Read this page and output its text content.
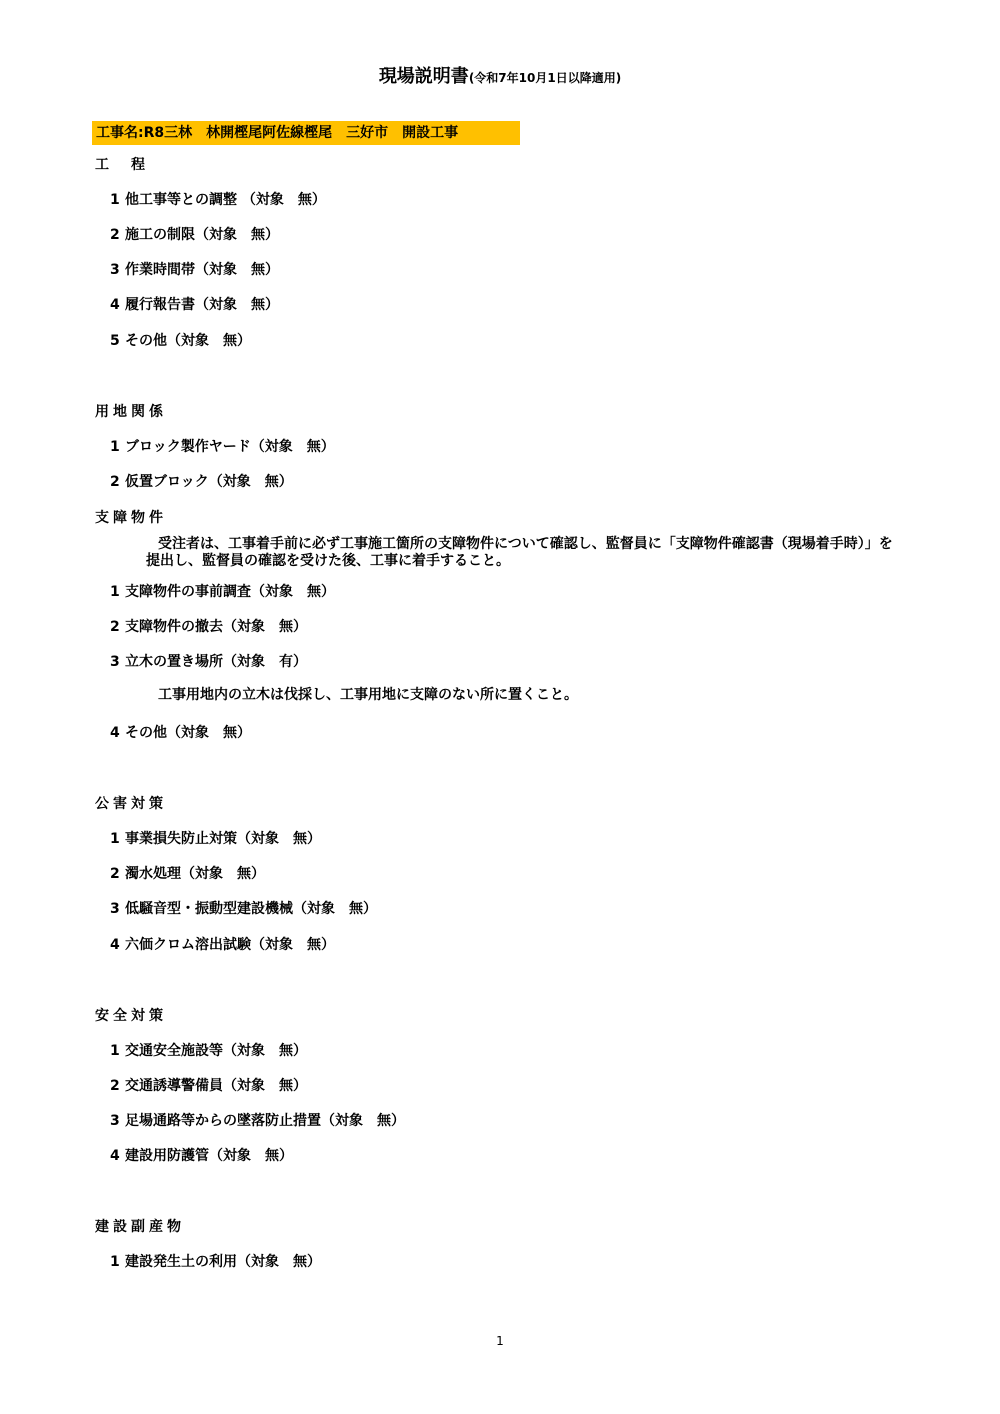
現場説明書(令和7年10月1日以降適用)
工事名:R8三林　林開樫尾阿佐線樫尾　三好市　開設工事
工　程
1 他工事等との調整 （対象　無）
2 施工の制限（対象　無）
3 作業時間帯（対象　無）
4 履行報告書（対象　無）
5 その他（対象　無）
用地関係
1 ブロック製作ヤード（対象　無）
2 仮置ブロック（対象　無）
支障物件
受注者は、工事着手前に必ず工事施工箇所の支障物件について確認し、監督員に「支障物件確認書（現場着手時）」を提出し、監督員の確認を受けた後、工事に着手すること。
1 支障物件の事前調査（対象　無）
2 支障物件の撤去（対象　無）
3 立木の置き場所（対象　有）
工事用地内の立木は伐採し、工事用地に支障のない所に置くこと。
4 その他（対象　無）
公害対策
1 事業損失防止対策（対象　無）
2 濁水処理（対象　無）
3 低騒音型・振動型建設機械（対象　無）
4 六価クロム溶出試験（対象　無）
安全対策
1 交通安全施設等（対象　無）
2 交通誘導警備員（対象　無）
3 足場通路等からの墜落防止措置（対象　無）
4 建設用防護管（対象　無）
建設副産物
1 建設発生土の利用（対象　無）
1
